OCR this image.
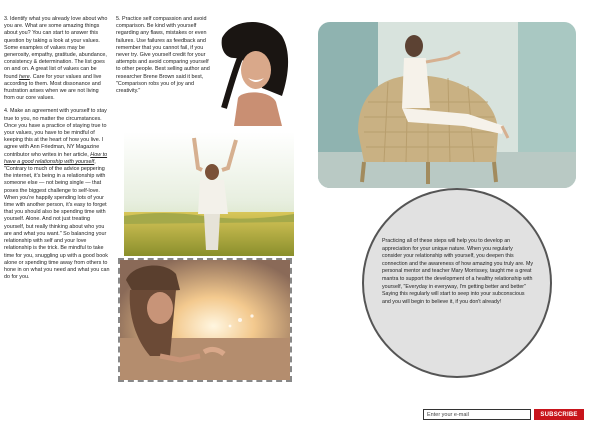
3. Identify what you already love about who you are. What are some amazing things about you? You can start to answer this question by taking a look at your values. Some examples of values may be generosity, empathy, gratitude, abundance, consistency & determination. The list goes on and on. A great list of values can be found here. Care for your values and live according to them. Most dissonance and frustration arises when we are not living from our core values.

4. Make an agreement with yourself to stay true to you, no matter the circumstances. Once you have a practice of staying true to your values, you have to be mindful of keeping this at the heart of how you live. I agree with Ann Friedman, NY Magazine contributor who writes in her article, How to have a good relationship with yourself, "Contrary to much of the advice peppering the internet, it's being in a relationship with someone else — not being single — that poses the biggest challenge to self-love. When you're happily spending lots of your time with another person, it's easy to forget that you should also be spending time with yourself. Alone. And not just treating yourself, but really thinking about who you are and what you want." So balancing your relationship with self and your love relationship is the trick. Be mindful to take time for you, snuggling up with a good book alone or spending time away from others to hone in on what you need and what you can do for you.

5. Practice self compassion and avoid comparison. Be kind with yourself regarding any flaws, mistakes or even failures. Use failures as feedback and remember that you cannot fail, if you never try. Give yourself credit for your attempts and avoid comparing yourself to other people. Best selling author and researcher Brene Brown said it best, "Comparison robs you of joy and creativity."

Practicing all of these steps will help you to develop an appreciation for your unique nature. When you regularly consider your relationship with yourself, you deepen this connection and the awareness of how amazing you truly are. My personal mentor and teacher Mary Morrissey, taught me a great mantra to support the development of a healthy relationship with yourself, "Everyday in everyway, I'm getting better and better" Saying this regularly will start to seep into your subconscious and you will begin to believe it, if you don't already!
Enter your e-mail
SUBSCRIBE
